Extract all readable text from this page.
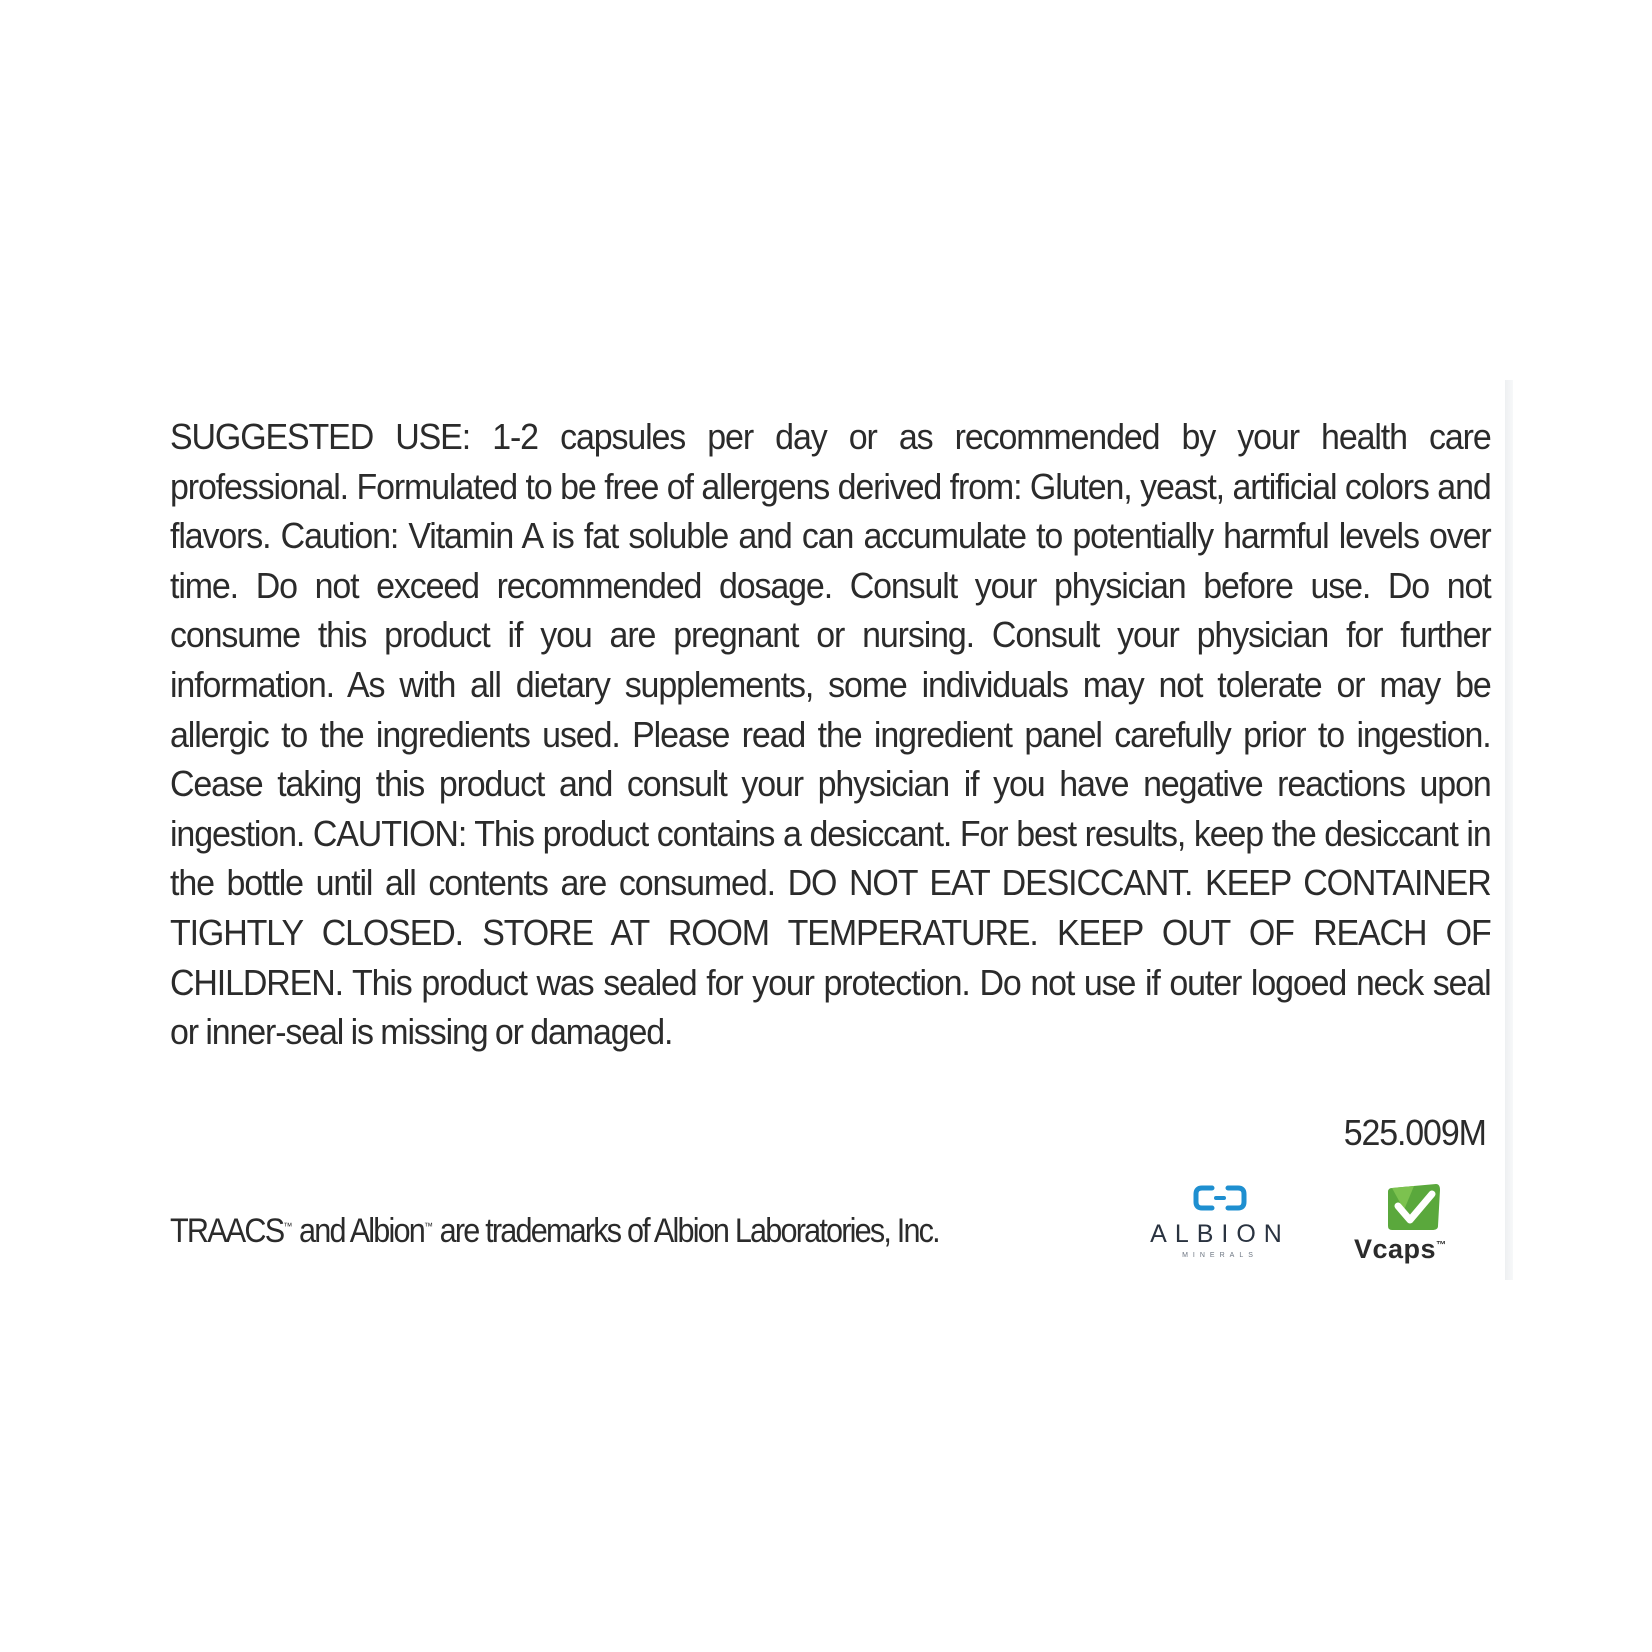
SUGGESTED USE: 1-2 capsules per day or as recommended by your health care professional. Formulated to be free of allergens derived from: Gluten, yeast, artificial colors and flavors. Caution: Vitamin A is fat soluble and can accumulate to potentially harmful levels over time. Do not exceed recommended dosage. Consult your physician before use. Do not consume this product if you are pregnant or nursing. Consult your physician for further information. As with all dietary supplements, some individuals may not tolerate or may be allergic to the ingredients used. Please read the ingredient panel carefully prior to ingestion. Cease taking this product and consult your physician if you have negative reactions upon ingestion. CAUTION: This product contains a desiccant. For best results, keep the desiccant in the bottle until all contents are consumed. DO NOT EAT DESICCANT. KEEP CONTAINER TIGHTLY CLOSED. STORE AT ROOM TEMPERATURE. KEEP OUT OF REACH OF CHILDREN. This product was sealed for your protection. Do not use if outer logoed neck seal or inner-seal is missing or damaged.

525.009M
TRAACS™ and Albion™ are trademarks of Albion Laboratories, Inc.	ALBION
MINERALS	Vcaps™
